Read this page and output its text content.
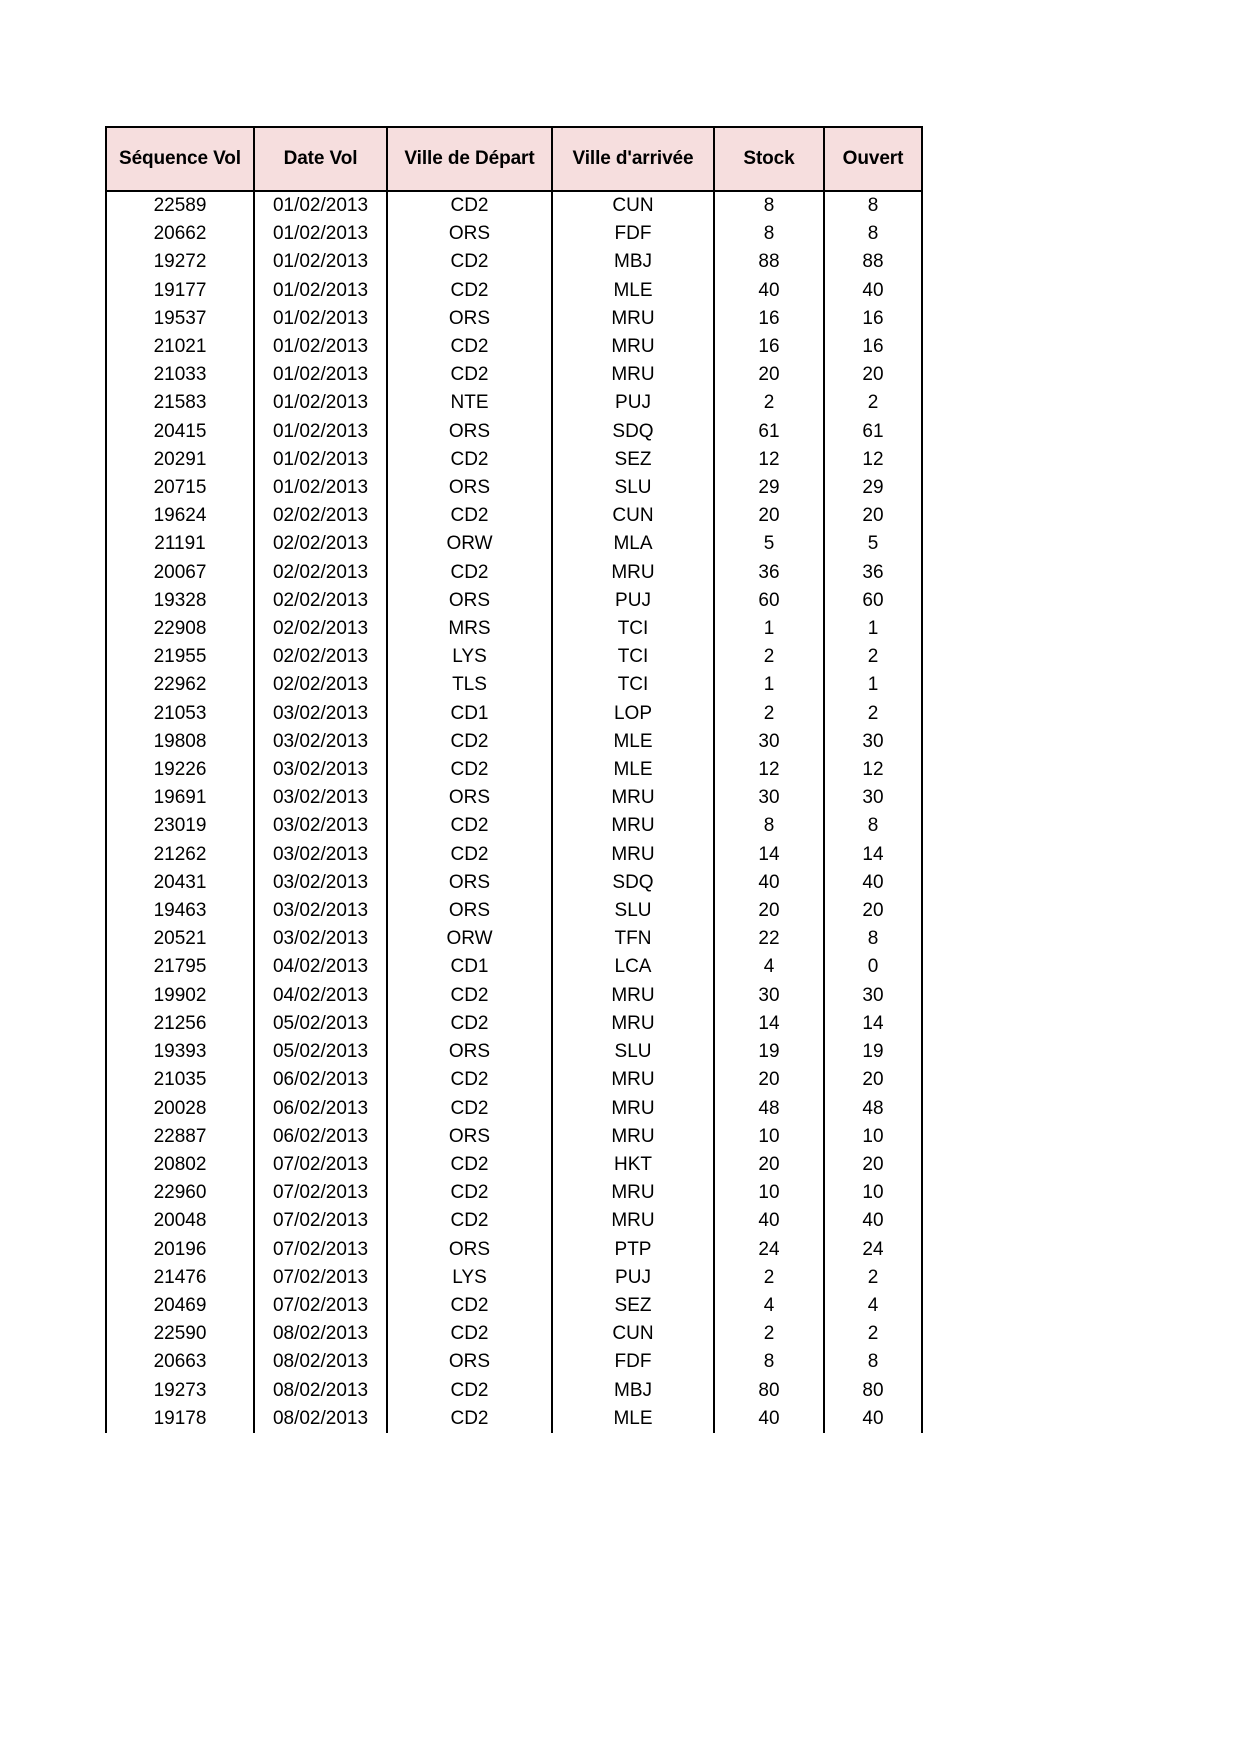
Séquence Vol	Date Vol	Ville de Départ	Ville d'arrivée	Stock	Ouvert
22589	01/02/2013	CD2	CUN	8	8
20662	01/02/2013	ORS	FDF	8	8
19272	01/02/2013	CD2	MBJ	88	88
19177	01/02/2013	CD2	MLE	40	40
19537	01/02/2013	ORS	MRU	16	16
21021	01/02/2013	CD2	MRU	16	16
21033	01/02/2013	CD2	MRU	20	20
21583	01/02/2013	NTE	PUJ	2	2
20415	01/02/2013	ORS	SDQ	61	61
20291	01/02/2013	CD2	SEZ	12	12
20715	01/02/2013	ORS	SLU	29	29
19624	02/02/2013	CD2	CUN	20	20
21191	02/02/2013	ORW	MLA	5	5
20067	02/02/2013	CD2	MRU	36	36
19328	02/02/2013	ORS	PUJ	60	60
22908	02/02/2013	MRS	TCI	1	1
21955	02/02/2013	LYS	TCI	2	2
22962	02/02/2013	TLS	TCI	1	1
21053	03/02/2013	CD1	LOP	2	2
19808	03/02/2013	CD2	MLE	30	30
19226	03/02/2013	CD2	MLE	12	12
19691	03/02/2013	ORS	MRU	30	30
23019	03/02/2013	CD2	MRU	8	8
21262	03/02/2013	CD2	MRU	14	14
20431	03/02/2013	ORS	SDQ	40	40
19463	03/02/2013	ORS	SLU	20	20
20521	03/02/2013	ORW	TFN	22	8
21795	04/02/2013	CD1	LCA	4	0
19902	04/02/2013	CD2	MRU	30	30
21256	05/02/2013	CD2	MRU	14	14
19393	05/02/2013	ORS	SLU	19	19
21035	06/02/2013	CD2	MRU	20	20
20028	06/02/2013	CD2	MRU	48	48
22887	06/02/2013	ORS	MRU	10	10
20802	07/02/2013	CD2	HKT	20	20
22960	07/02/2013	CD2	MRU	10	10
20048	07/02/2013	CD2	MRU	40	40
20196	07/02/2013	ORS	PTP	24	24
21476	07/02/2013	LYS	PUJ	2	2
20469	07/02/2013	CD2	SEZ	4	4
22590	08/02/2013	CD2	CUN	2	2
20663	08/02/2013	ORS	FDF	8	8
19273	08/02/2013	CD2	MBJ	80	80
19178	08/02/2013	CD2	MLE	40	40
